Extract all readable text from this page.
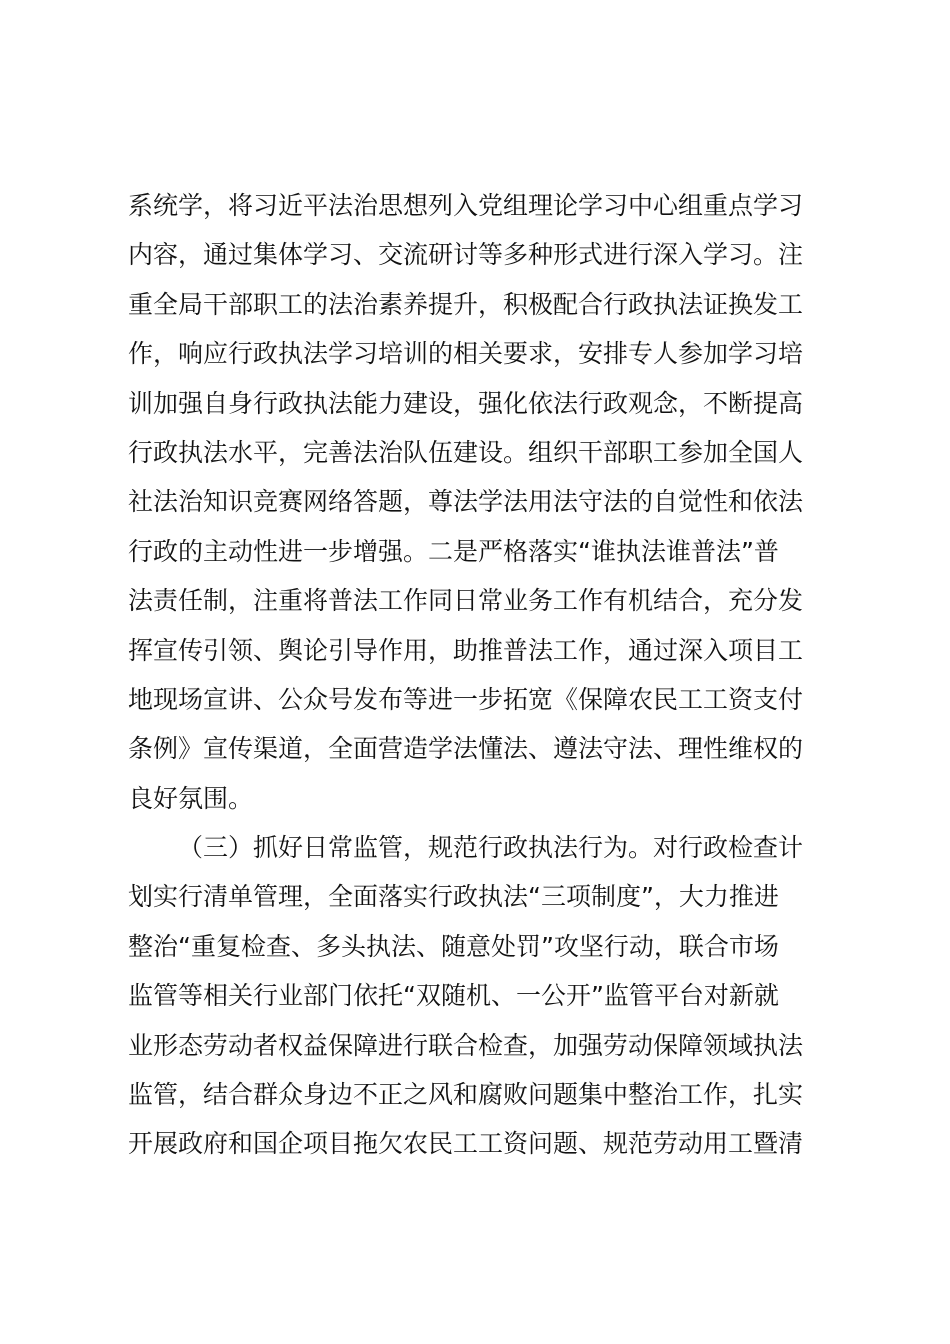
系统学，将习近平法治思想列入党组理论学习中心组重点学习
内容，通过集体学习、交流研讨等多种形式进行深入学习。注
重全局干部职工的法治素养提升，积极配合行政执法证换发工
作，响应行政执法学习培训的相关要求，安排专人参加学习培
训加强自身行政执法能力建设，强化依法行政观念，不断提高
行政执法水平，完善法治队伍建设。组织干部职工参加全国人
社法治知识竞赛网络答题，尊法学法用法守法的自觉性和依法
行政的主动性进一步增强。二是严格落实“谁执法谁普法”普
法责任制，注重将普法工作同日常业务工作有机结合，充分发
挥宣传引领、舆论引导作用，助推普法工作，通过深入项目工
地现场宣讲、公众号发布等进一步拓宽《保障农民工工资支付
条例》宣传渠道，全面营造学法懂法、遵法守法、理性维权的
良好氛围。
（三）抓好日常监管，规范行政执法行为。对行政检查计
划实行清单管理，全面落实行政执法“三项制度”，大力推进
整治“重复检查、多头执法、随意处罚”攻坚行动，联合市场
监管等相关行业部门依托“双随机、一公开”监管平台对新就
业形态劳动者权益保障进行联合检查，加强劳动保障领域执法
监管，结合群众身边不正之风和腐败问题集中整治工作，扎实
开展政府和国企项目拖欠农民工工资问题、规范劳动用工暨清
